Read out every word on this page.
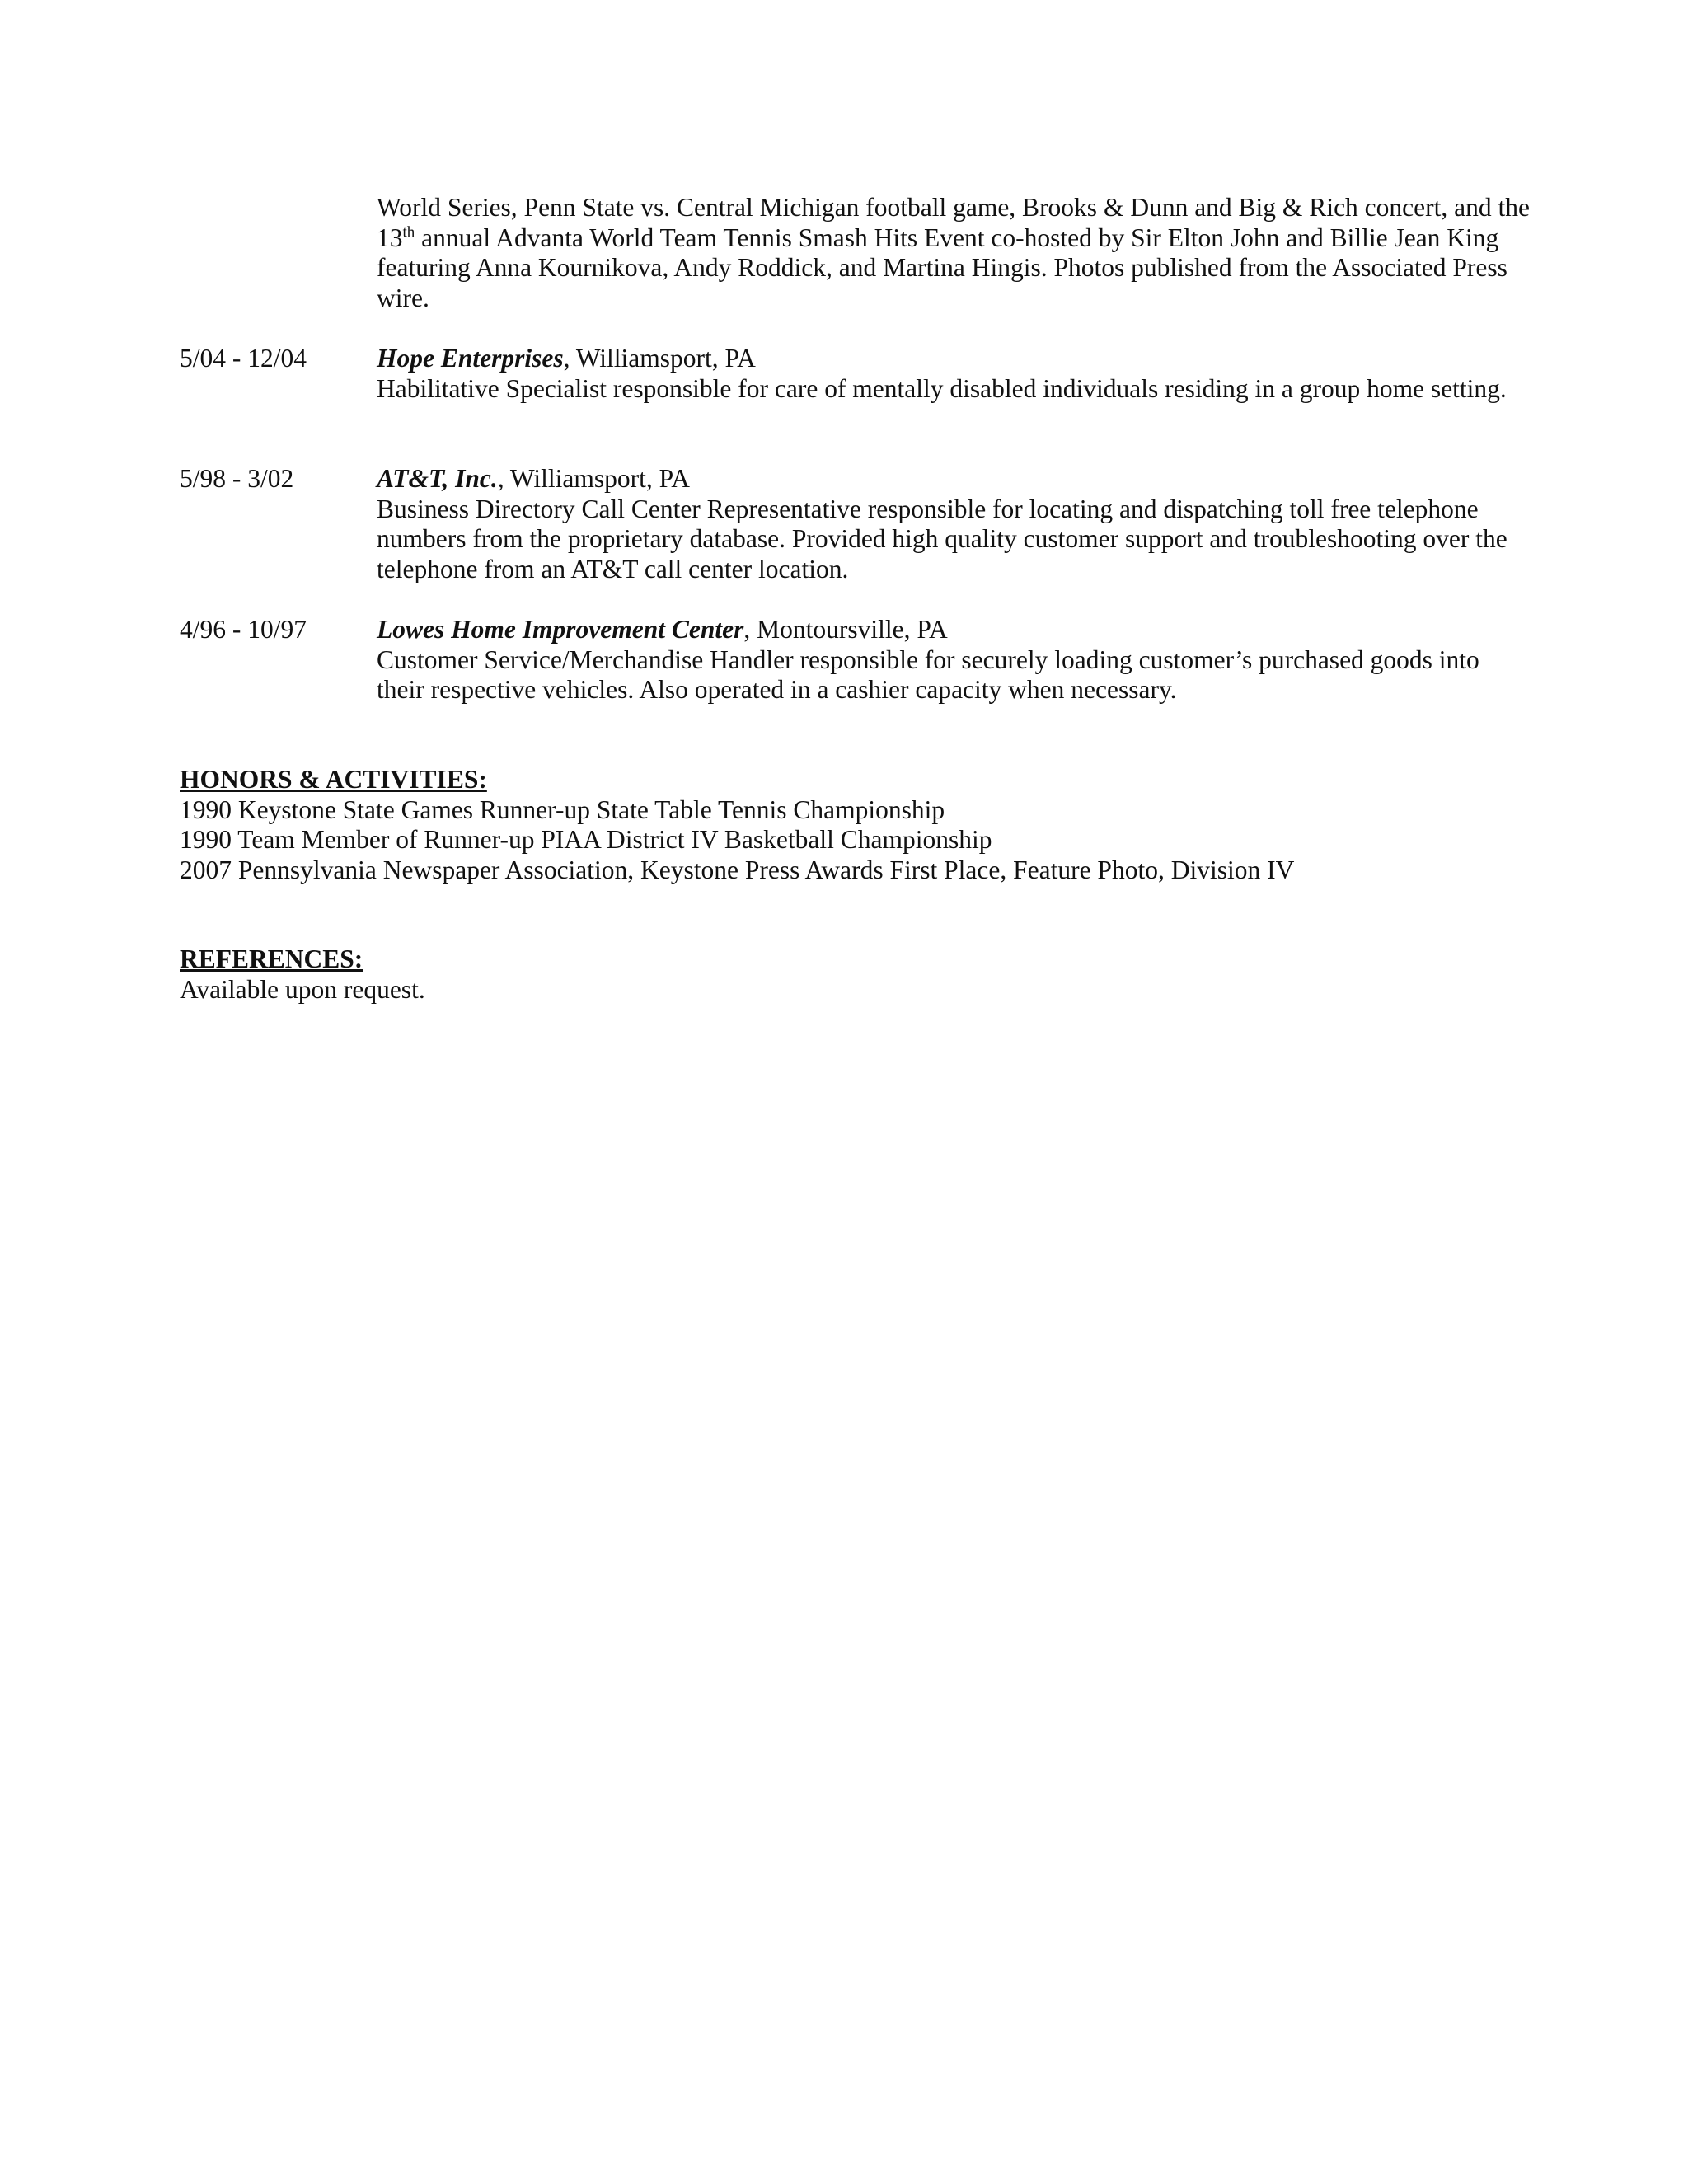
World Series, Penn State vs. Central Michigan football game, Brooks & Dunn and Big & Rich concert, and the 13th annual Advanta World Team Tennis Smash Hits Event co-hosted by Sir Elton John and Billie Jean King featuring Anna Kournikova, Andy Roddick, and Martina Hingis. Photos published from the Associated Press wire.
5/04 - 12/04	Hope Enterprises, Williamsport, PA
Habilitative Specialist responsible for care of mentally disabled individuals residing in a group home setting.
5/98 - 3/02	AT&T, Inc., Williamsport, PA
Business Directory Call Center Representative responsible for locating and dispatching toll free telephone numbers from the proprietary database. Provided high quality customer support and troubleshooting over the telephone from an AT&T call center location.
4/96 - 10/97	Lowes Home Improvement Center, Montoursville, PA
Customer Service/Merchandise Handler responsible for securely loading customer’s purchased goods into their respective vehicles. Also operated in a cashier capacity when necessary.
HONORS & ACTIVITIES:
1990 Keystone State Games Runner-up State Table Tennis Championship
1990 Team Member of Runner-up PIAA District IV Basketball Championship
2007 Pennsylvania Newspaper Association, Keystone Press Awards First Place, Feature Photo, Division IV
REFERENCES:
Available upon request.
